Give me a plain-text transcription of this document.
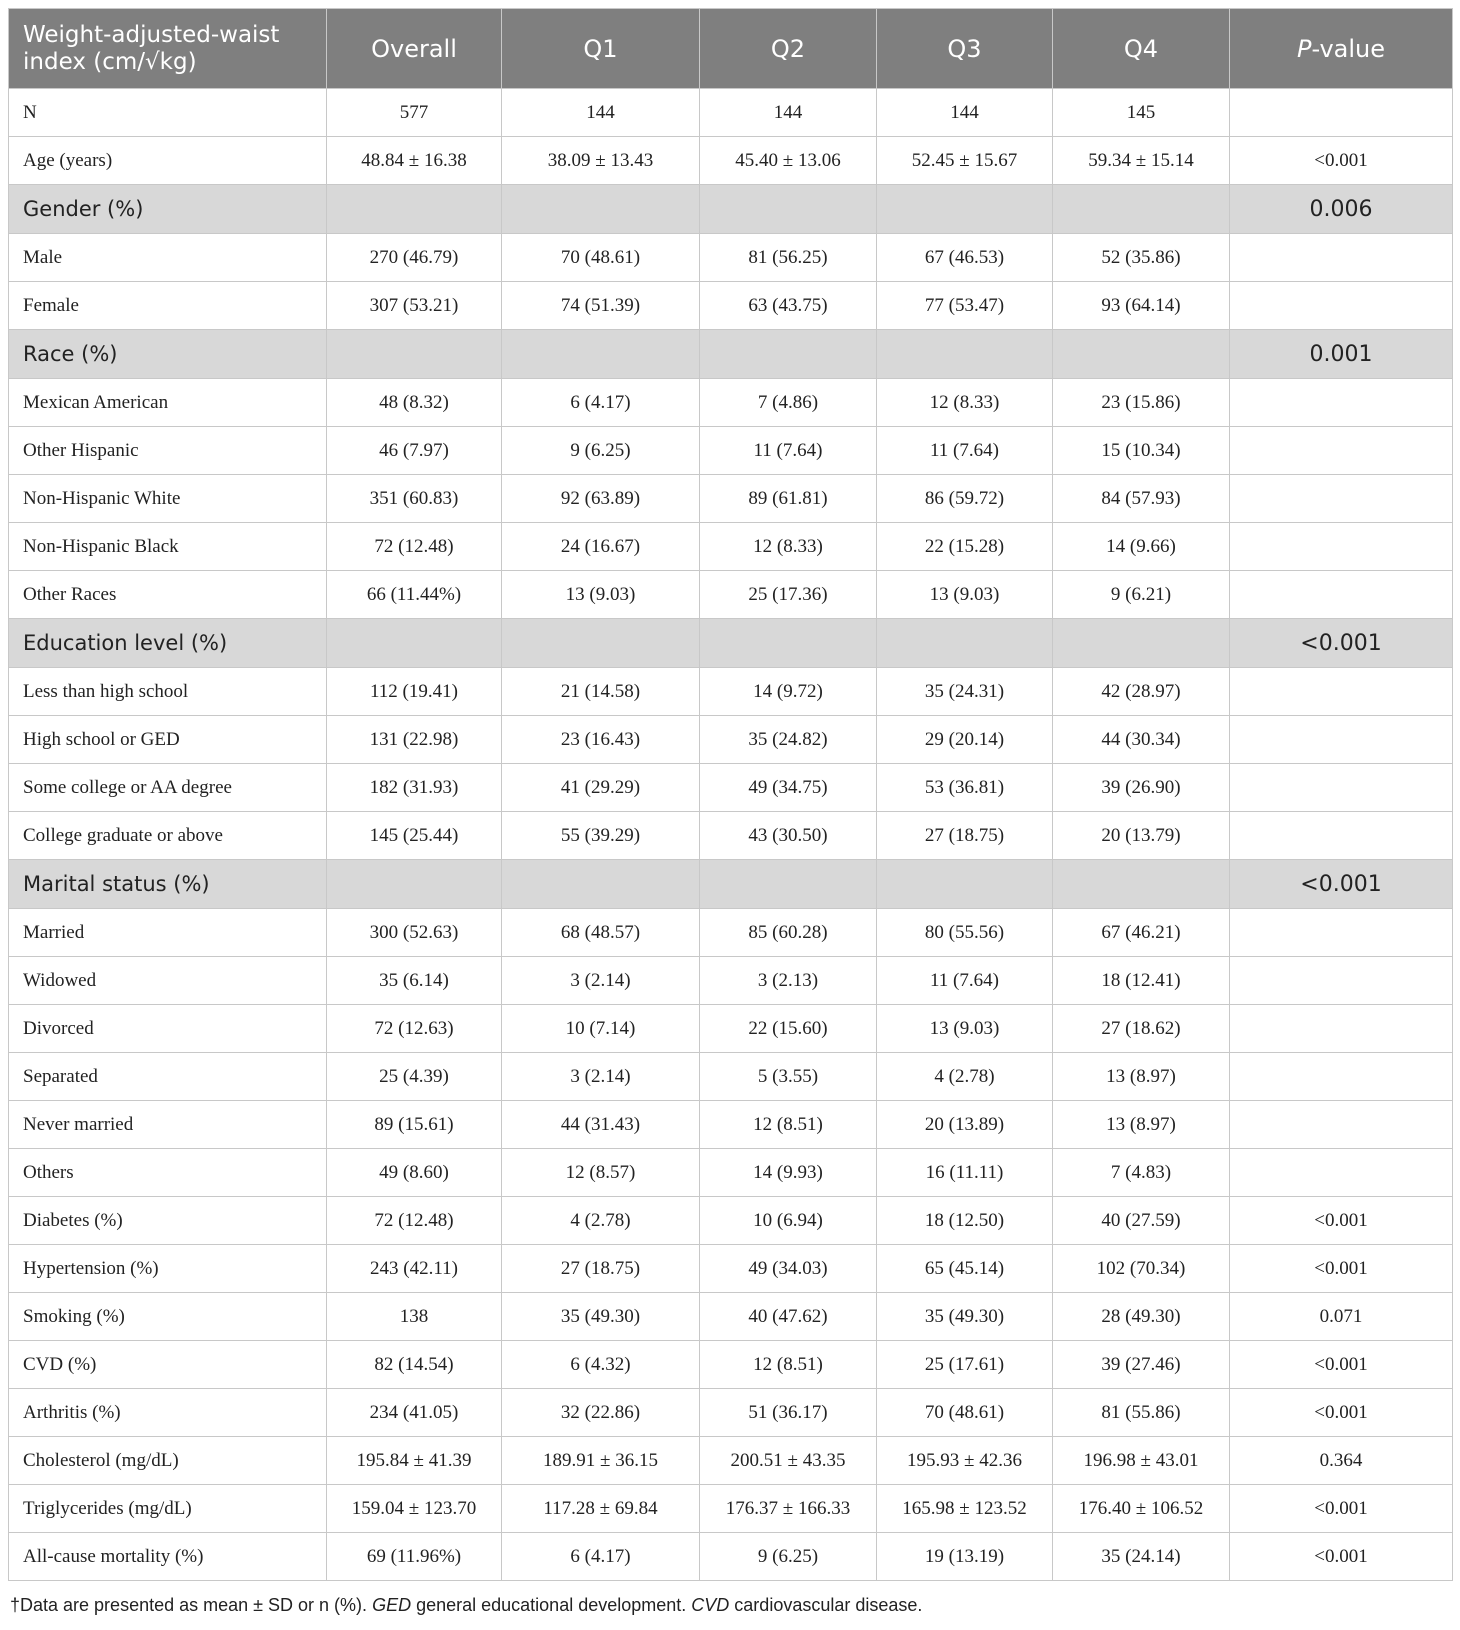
Weight-adjusted-waist
index (cm/√kg)	Overall	Q1	Q2	Q3	Q4	P-value
N	577	144	144	144	145	
Age (years)	48.84 ± 16.38	38.09 ± 13.43	45.40 ± 13.06	52.45 ± 15.67	59.34 ± 15.14	<0.001
Gender (%)						0.006
Male	270 (46.79)	70 (48.61)	81 (56.25)	67 (46.53)	52 (35.86)	
Female	307 (53.21)	74 (51.39)	63 (43.75)	77 (53.47)	93 (64.14)	
Race (%)						0.001
Mexican American	48 (8.32)	6 (4.17)	7 (4.86)	12 (8.33)	23 (15.86)	
Other Hispanic	46 (7.97)	9 (6.25)	11 (7.64)	11 (7.64)	15 (10.34)	
Non-Hispanic White	351 (60.83)	92 (63.89)	89 (61.81)	86 (59.72)	84 (57.93)	
Non-Hispanic Black	72 (12.48)	24 (16.67)	12 (8.33)	22 (15.28)	14 (9.66)	
Other Races	66 (11.44%)	13 (9.03)	25 (17.36)	13 (9.03)	9 (6.21)	
Education level (%)						<0.001
Less than high school	112 (19.41)	21 (14.58)	14 (9.72)	35 (24.31)	42 (28.97)	
High school or GED	131 (22.98)	23 (16.43)	35 (24.82)	29 (20.14)	44 (30.34)	
Some college or AA degree	182 (31.93)	41 (29.29)	49 (34.75)	53 (36.81)	39 (26.90)	
College graduate or above	145 (25.44)	55 (39.29)	43 (30.50)	27 (18.75)	20 (13.79)	
Marital status (%)						<0.001
Married	300 (52.63)	68 (48.57)	85 (60.28)	80 (55.56)	67 (46.21)	
Widowed	35 (6.14)	3 (2.14)	3 (2.13)	11 (7.64)	18 (12.41)	
Divorced	72 (12.63)	10 (7.14)	22 (15.60)	13 (9.03)	27 (18.62)	
Separated	25 (4.39)	3 (2.14)	5 (3.55)	4 (2.78)	13 (8.97)	
Never married	89 (15.61)	44 (31.43)	12 (8.51)	20 (13.89)	13 (8.97)	
Others	49 (8.60)	12 (8.57)	14 (9.93)	16 (11.11)	7 (4.83)	
Diabetes (%)	72 (12.48)	4 (2.78)	10 (6.94)	18 (12.50)	40 (27.59)	<0.001
Hypertension (%)	243 (42.11)	27 (18.75)	49 (34.03)	65 (45.14)	102 (70.34)	<0.001
Smoking (%)	138	35 (49.30)	40 (47.62)	35 (49.30)	28 (49.30)	0.071
CVD (%)	82 (14.54)	6 (4.32)	12 (8.51)	25 (17.61)	39 (27.46)	<0.001
Arthritis (%)	234 (41.05)	32 (22.86)	51 (36.17)	70 (48.61)	81 (55.86)	<0.001
Cholesterol (mg/dL)	195.84 ± 41.39	189.91 ± 36.15	200.51 ± 43.35	195.93 ± 42.36	196.98 ± 43.01	0.364
Triglycerides (mg/dL)	159.04 ± 123.70	117.28 ± 69.84	176.37 ± 166.33	165.98 ± 123.52	176.40 ± 106.52	<0.001
All-cause mortality (%)	69 (11.96%)	6 (4.17)	9 (6.25)	19 (13.19)	35 (24.14)	<0.001
†Data are presented as mean ± SD or n (%). GED general educational development. CVD cardiovascular disease.
